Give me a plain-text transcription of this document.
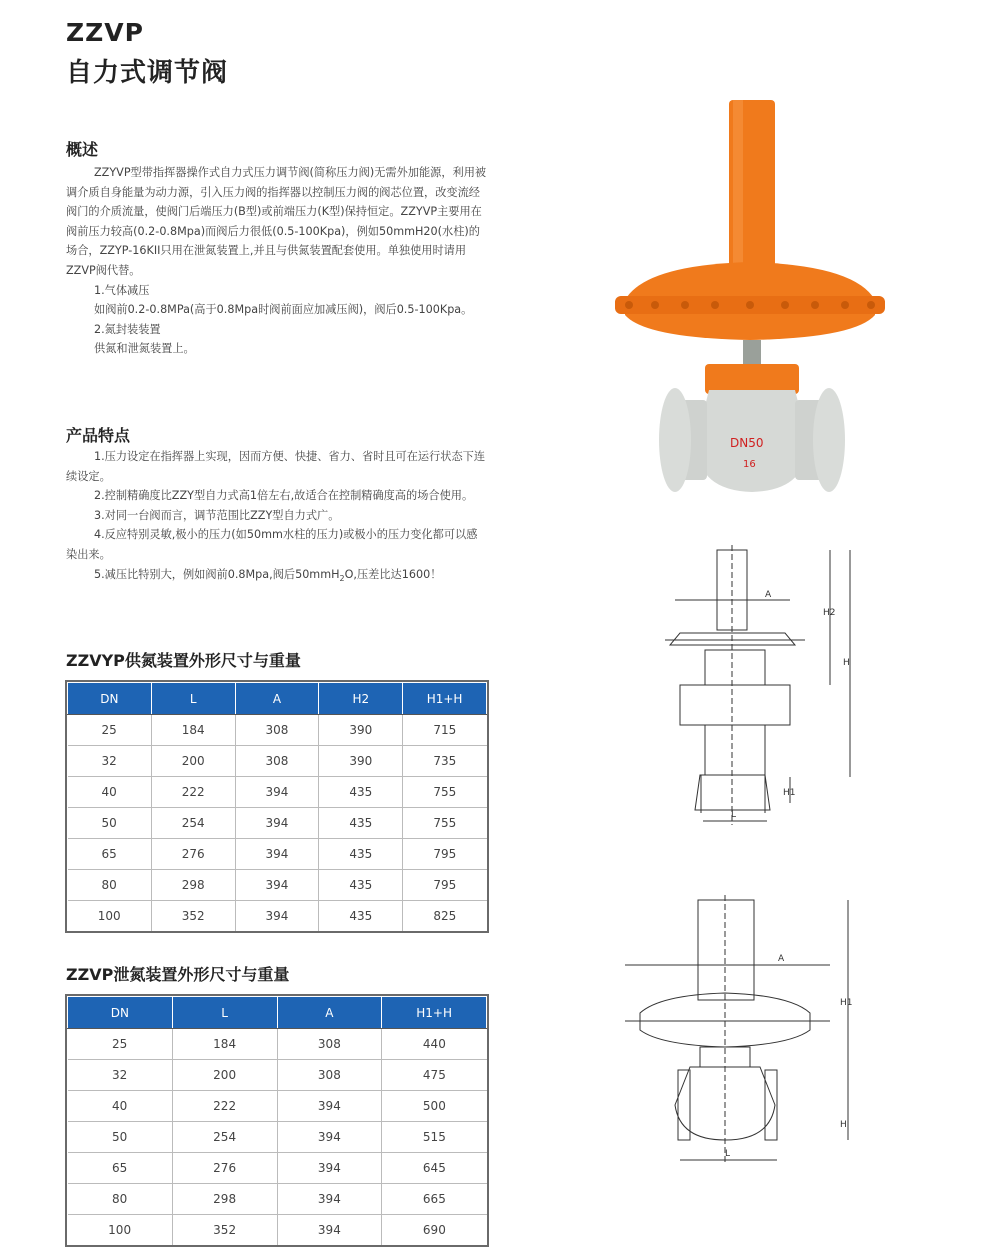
ZZVP
自力式调节阀
概述

ZZYVP型带指挥器操作式自力式压力调节阀(简称压力阀)无需外加能源，利用被调介质自身能量为动力源，引入压力阀的指挥器以控制压力阀的阀芯位置，改变流经阀门的介质流量，使阀门后端压力(B型)或前端压力(K型)保持恒定。ZZYVP主要用在阀前压力较高(0.2-0.8Mpa)而阀后力很低(0.5-100Kpa)，例如50mmH20(水柱)的场合，ZZYP-16KII只用在泄氮装置上,并且与供氮装置配套使用。单独使用时请用ZZVP阀代替。

1.气体减压

如阀前0.2-0.8MPa(高于0.8Mpa时阀前面应加减压阀)，阀后0.5-100Kpa。

2.氮封装装置

供氮和泄氮装置上。

产品特点

1.压力设定在指挥器上实现，因而方便、快捷、省力、省时且可在运行状态下连续设定。

2.控制精确度比ZZY型自力式高1倍左右,故适合在控制精确度高的场合使用。

3.对同一台阀而言，调节范围比ZZY型自力式广。

4.反应特别灵敏,极小的压力(如50mm水柱的压力)或极小的压力变化都可以感染出来。

5.减压比特别大，例如阀前0.8Mpa,阀后50mmH$_2$O,压差比达1600！

ZZVYP供氮装置外形尺寸与重量
DN	L	A	H2	H1+H
25	184	308	390	715
32	200	308	390	735
40	222	394	435	755
50	254	394	435	755
65	276	394	435	795
80	298	394	435	795
100	352	394	435	825
ZZVP泄氮装置外形尺寸与重量
DN	L	A	H1+H
25	184	308	440
32	200	308	475
40	222	394	500
50	254	394	515
65	276	394	645
80	298	394	665
100	352	394	690
DN50
16
A
H2
H
H1
L
A
H1
H
L
